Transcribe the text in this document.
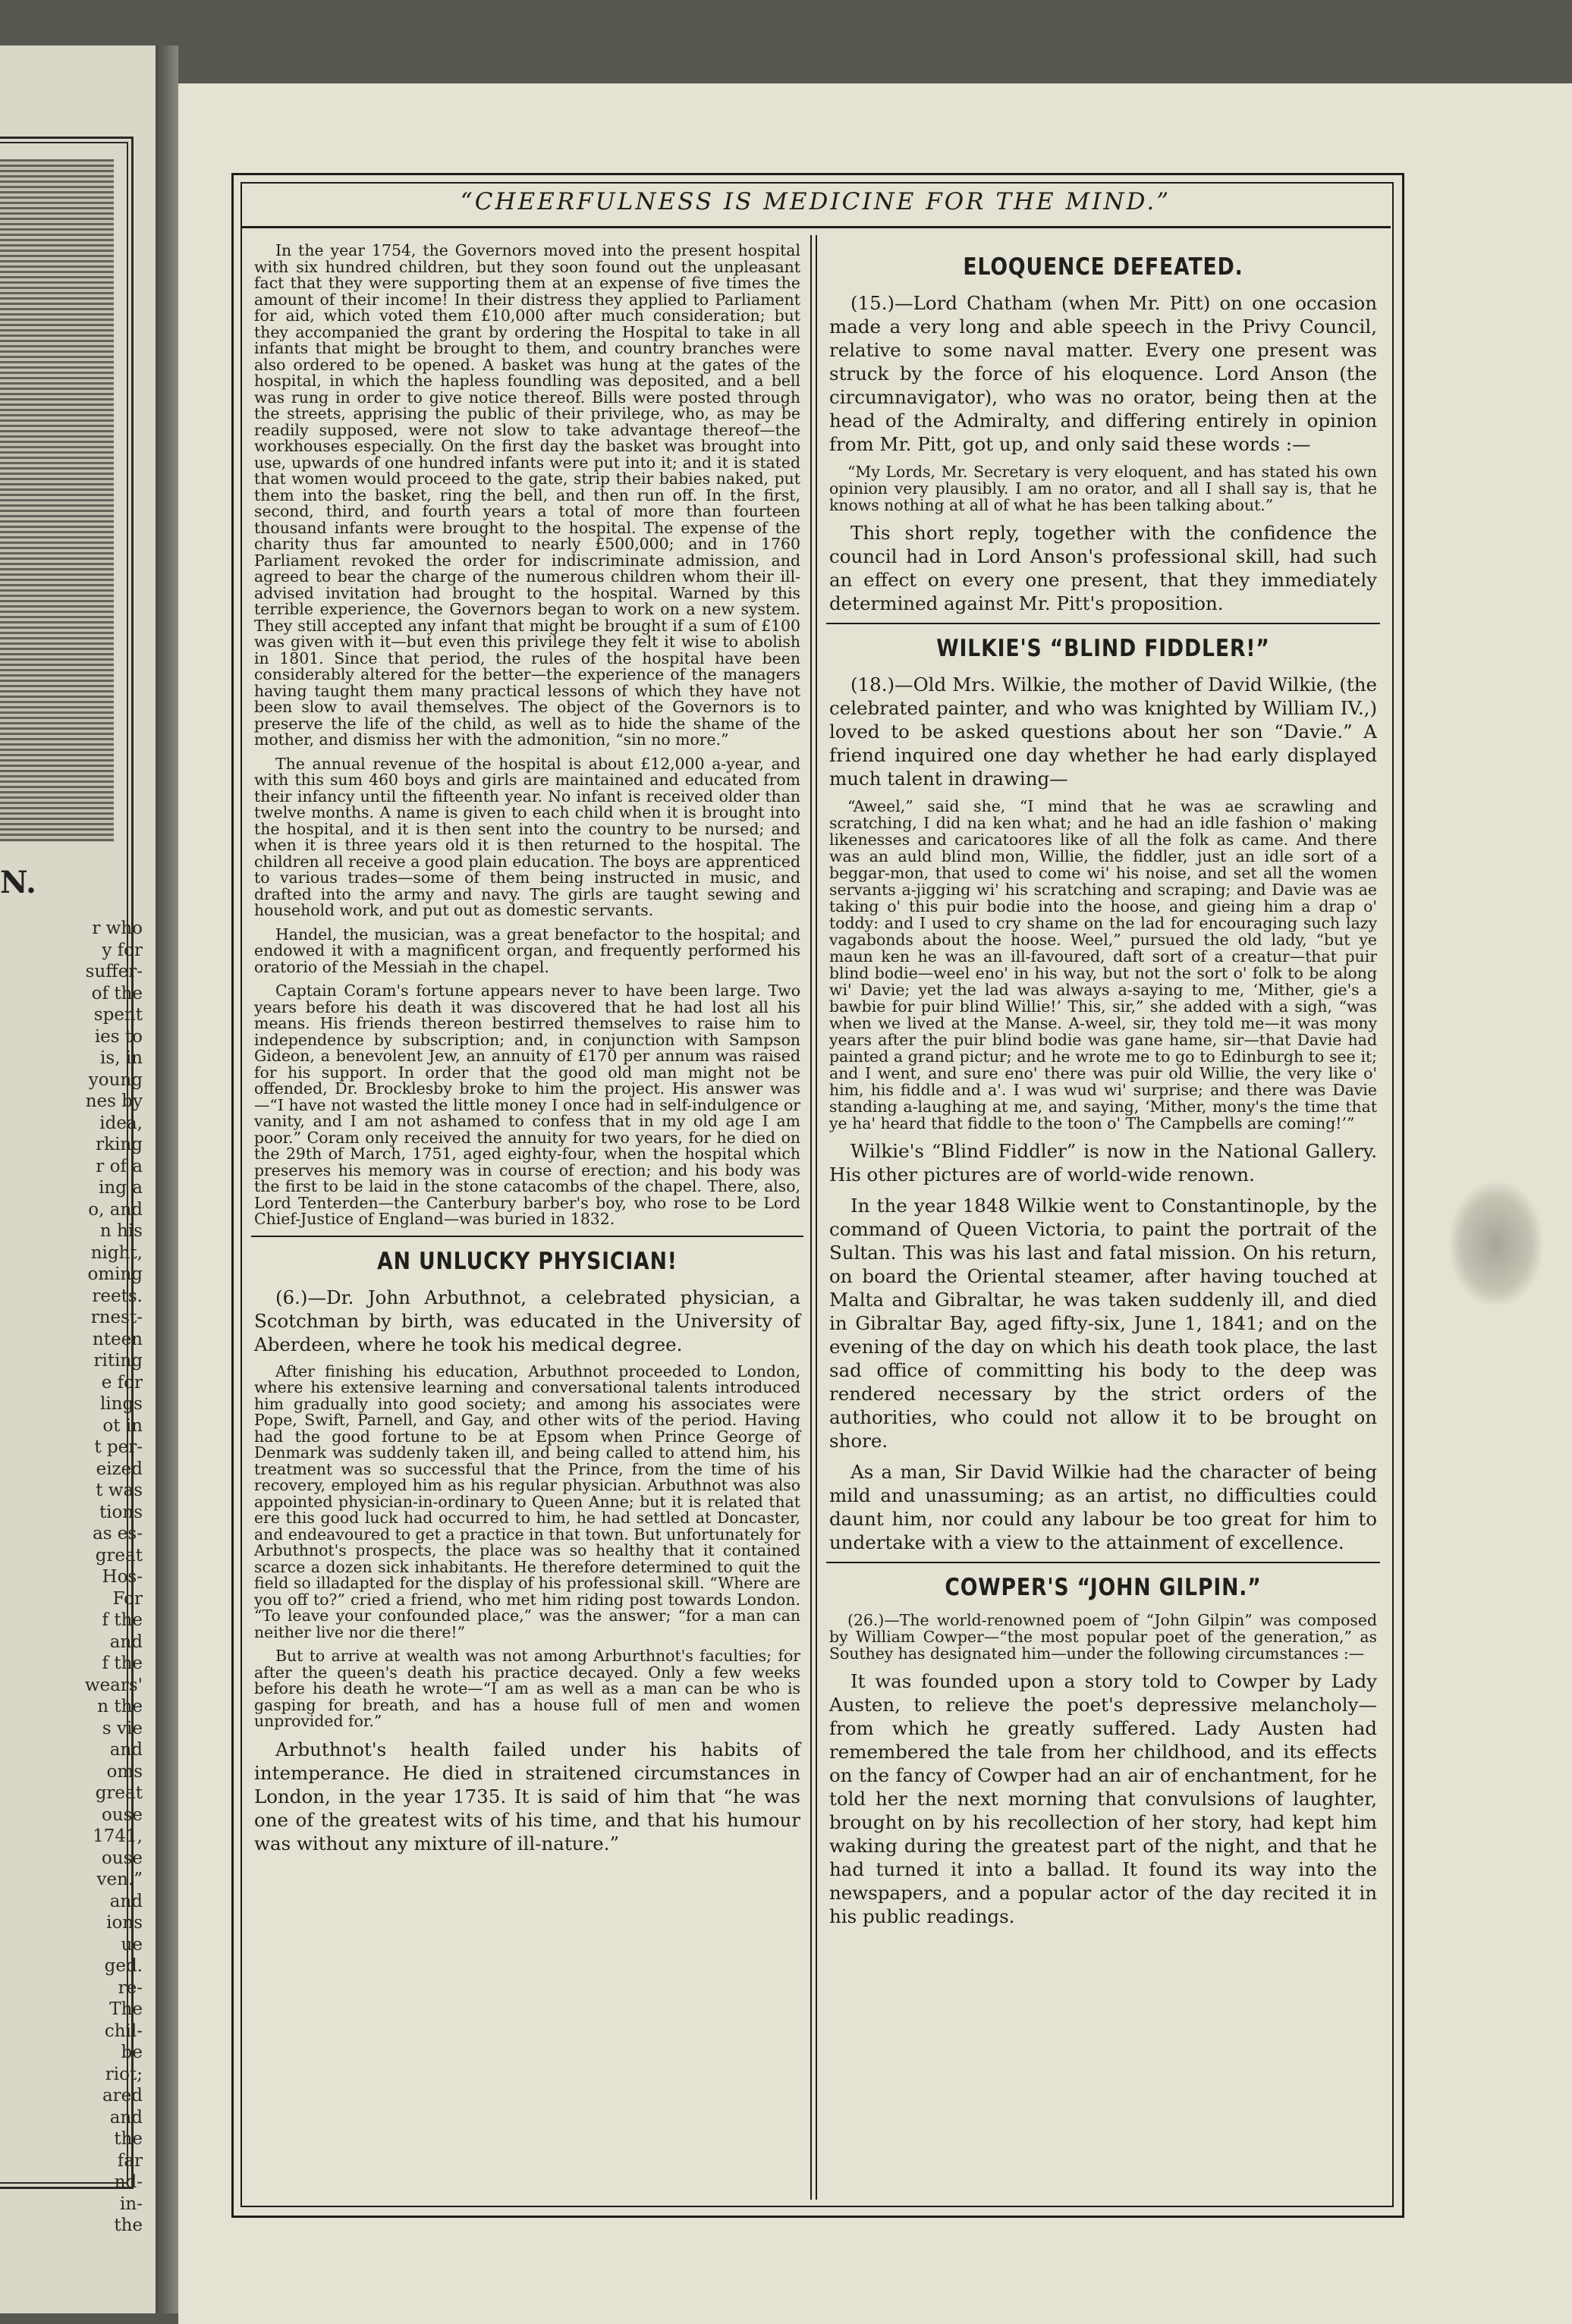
N.
r who
y for
suffer-
of the
spent
ies to
is, in
young
nes by
idea,
rking
r of a
ing a
o, and
n his
night,
oming
reets.
rnest-
nteen
riting
e for
lings
ot in
t per-
eized
t was
tions
as es-
great
Hos-
For
f the
and
f the
wears'
n the
s vie
and
oms
great
ouse
1741,
ouse
ven.”
and
ions
ue
ged.
re-
The
chil-
be
riot;
ared
and
the
far
nd-
in-
the
“CHEERFULNESS IS MEDICINE FOR THE MIND.”

In the year 1754, the Governors moved into the present hospital with six hundred children, but they soon found out the unpleasant fact that they were supporting them at an expense of five times the amount of their income! In their distress they applied to Parliament for aid, which voted them £10,000 after much consideration; but they accompanied the grant by ordering the Hospital to take in all infants that might be brought to them, and country branches were also ordered to be opened. A basket was hung at the gates of the hospital, in which the hapless foundling was deposited, and a bell was rung in order to give notice thereof. Bills were posted through the streets, apprising the public of their privilege, who, as may be readily supposed, were not slow to take advantage thereof—the workhouses especially. On the first day the basket was brought into use, upwards of one hundred infants were put into it; and it is stated that women would proceed to the gate, strip their babies naked, put them into the basket, ring the bell, and then run off. In the first, second, third, and fourth years a total of more than fourteen thousand infants were brought to the hospital. The expense of the charity thus far amounted to nearly £500,000; and in 1760 Parliament revoked the order for indiscriminate admission, and agreed to bear the charge of the numerous children whom their ill-advised invitation had brought to the hospital. Warned by this terrible experience, the Governors began to work on a new system. They still accepted any infant that might be brought if a sum of £100 was given with it—but even this privilege they felt it wise to abolish in 1801. Since that period, the rules of the hospital have been considerably altered for the better—the experience of the managers having taught them many practical lessons of which they have not been slow to avail themselves. The object of the Governors is to preserve the life of the child, as well as to hide the shame of the mother, and dismiss her with the admonition, “sin no more.”

The annual revenue of the hospital is about £12,000 a-year, and with this sum 460 boys and girls are maintained and educated from their infancy until the fifteenth year. No infant is received older than twelve months. A name is given to each child when it is brought into the hospital, and it is then sent into the country to be nursed; and when it is three years old it is then returned to the hospital. The children all receive a good plain education. The boys are apprenticed to various trades—some of them being instructed in music, and drafted into the army and navy. The girls are taught sewing and household work, and put out as domestic servants.

Handel, the musician, was a great benefactor to the hospital; and endowed it with a magnificent organ, and frequently performed his oratorio of the Messiah in the chapel.

Captain Coram's fortune appears never to have been large. Two years before his death it was discovered that he had lost all his means. His friends thereon bestirred themselves to raise him to independence by subscription; and, in conjunction with Sampson Gideon, a benevolent Jew, an annuity of £170 per annum was raised for his support. In order that the good old man might not be offended, Dr. Brocklesby broke to him the project. His answer was—“I have not wasted the little money I once had in self-indulgence or vanity, and I am not ashamed to confess that in my old age I am poor.” Coram only received the annuity for two years, for he died on the 29th of March, 1751, aged eighty-four, when the hospital which preserves his memory was in course of erection; and his body was the first to be laid in the stone catacombs of the chapel. There, also, Lord Tenterden—the Canterbury barber's boy, who rose to be Lord Chief-Justice of England—was buried in 1832.

AN UNLUCKY PHYSICIAN!

(6.)—Dr. John Arbuthnot, a celebrated physician, a Scotchman by birth, was educated in the University of Aberdeen, where he took his medical degree.

After finishing his education, Arbuthnot proceeded to London, where his extensive learning and conversational talents introduced him gradually into good society; and among his associates were Pope, Swift, Parnell, and Gay, and other wits of the period. Having had the good fortune to be at Epsom when Prince George of Denmark was suddenly taken ill, and being called to attend him, his treatment was so successful that the Prince, from the time of his recovery, employed him as his regular physician. Arbuthnot was also appointed physician-in-ordinary to Queen Anne; but it is related that ere this good luck had occurred to him, he had settled at Doncaster, and endeavoured to get a practice in that town. But unfortunately for Arbuthnot's prospects, the place was so healthy that it contained scarce a dozen sick inhabitants. He therefore determined to quit the field so illadapted for the display of his professional skill. “Where are you off to?” cried a friend, who met him riding post towards London. “To leave your confounded place,” was the answer; “for a man can neither live nor die there!”

But to arrive at wealth was not among Arburthnot's faculties; for after the queen's death his practice decayed. Only a few weeks before his death he wrote—“I am as well as a man can be who is gasping for breath, and has a house full of men and women unprovided for.”

Arbuthnot's health failed under his habits of intemperance. He died in straitened circumstances in London, in the year 1735. It is said of him that “he was one of the greatest wits of his time, and that his humour was without any mixture of ill-nature.”

ELOQUENCE DEFEATED.

(15.)—Lord Chatham (when Mr. Pitt) on one occasion made a very long and able speech in the Privy Council, relative to some naval matter. Every one present was struck by the force of his eloquence. Lord Anson (the circumnavigator), who was no orator, being then at the head of the Admiralty, and differing entirely in opinion from Mr. Pitt, got up, and only said these words :—

“My Lords, Mr. Secretary is very eloquent, and has stated his own opinion very plausibly. I am no orator, and all I shall say is, that he knows nothing at all of what he has been talking about.”

This short reply, together with the confidence the council had in Lord Anson's professional skill, had such an effect on every one present, that they immediately determined against Mr. Pitt's proposition.

WILKIE'S “BLIND FIDDLER!”

(18.)—Old Mrs. Wilkie, the mother of David Wilkie, (the celebrated painter, and who was knighted by William IV.,) loved to be asked questions about her son “Davie.” A friend inquired one day whether he had early displayed much talent in drawing—

“Aweel,” said she, “I mind that he was ae scrawling and scratching, I did na ken what; and he had an idle fashion o' making likenesses and caricatoores like of all the folk as came. And there was an auld blind mon, Willie, the fiddler, just an idle sort of a beggar-mon, that used to come wi' his noise, and set all the women servants a-jigging wi' his scratching and scraping; and Davie was ae taking o' this puir bodie into the hoose, and gieing him a drap o' toddy: and I used to cry shame on the lad for encouraging such lazy vagabonds about the hoose. Weel,” pursued the old lady, “but ye maun ken he was an ill-favoured, daft sort of a creatur—that puir blind bodie—weel eno' in his way, but not the sort o' folk to be along wi' Davie; yet the lad was always a-saying to me, ‘Mither, gie's a bawbie for puir blind Willie!’ This, sir,” she added with a sigh, “was when we lived at the Manse. A-weel, sir, they told me—it was mony years after the puir blind bodie was gane hame, sir—that Davie had painted a grand pictur; and he wrote me to go to Edinburgh to see it; and I went, and sure eno' there was puir old Willie, the very like o' him, his fiddle and a'. I was wud wi' surprise; and there was Davie standing a-laughing at me, and saying, ‘Mither, mony's the time that ye ha' heard that fiddle to the toon o' The Campbells are coming!’”

Wilkie's “Blind Fiddler” is now in the National Gallery. His other pictures are of world-wide renown.

In the year 1848 Wilkie went to Constantinople, by the command of Queen Victoria, to paint the portrait of the Sultan. This was his last and fatal mission. On his return, on board the Oriental steamer, after having touched at Malta and Gibraltar, he was taken suddenly ill, and died in Gibraltar Bay, aged fifty-six, June 1, 1841; and on the evening of the day on which his death took place, the last sad office of committing his body to the deep was rendered necessary by the strict orders of the authorities, who could not allow it to be brought on shore.

As a man, Sir David Wilkie had the character of being mild and unassuming; as an artist, no difficulties could daunt him, nor could any labour be too great for him to undertake with a view to the attainment of excellence.

COWPER'S “JOHN GILPIN.”

(26.)—The world-renowned poem of “John Gilpin” was composed by William Cowper—“the most popular poet of the generation,” as Southey has designated him—under the following circumstances :—

It was founded upon a story told to Cowper by Lady Austen, to relieve the poet's depressive melancholy—from which he greatly suffered. Lady Austen had remembered the tale from her childhood, and its effects on the fancy of Cowper had an air of enchantment, for he told her the next morning that convulsions of laughter, brought on by his recollection of her story, had kept him waking during the greatest part of the night, and that he had turned it into a ballad. It found its way into the newspapers, and a popular actor of the day recited it in his public readings.
